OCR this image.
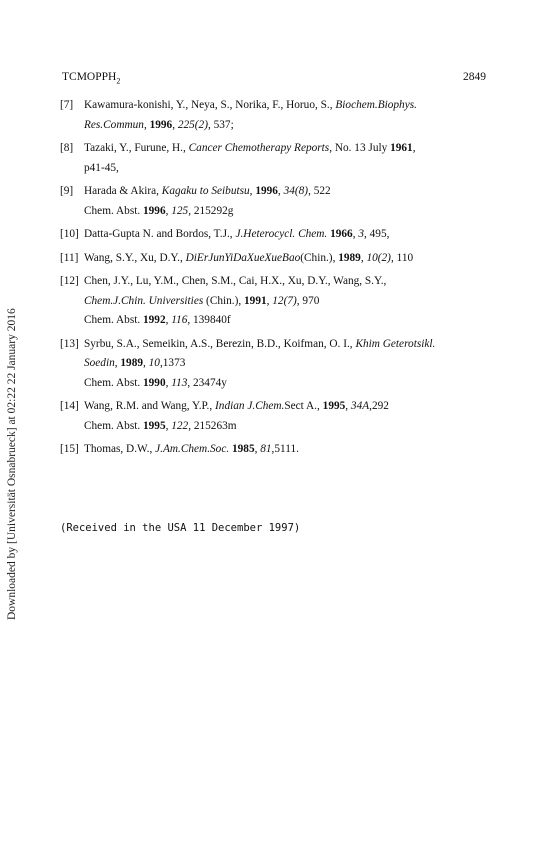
Downloaded by [Universität Osnabrueck] at 02:22 22 January 2016
$TCMOPPH_2$	2849
[7] Kawamura-konishi, Y., Neya, S., Norika, F., Horuo, S., Biochem.Biophys.
Res.Commun, 1996, 225(2), 537;
[8] Tazaki, Y., Furune, H., Cancer Chemotherapy Reports, No. 13 July 1961,
p41-45,
[9] Harada & Akira, Kagaku to Seibutsu, 1996, 34(8), 522
Chem. Abst. 1996, 125, 215292g
[10] Datta-Gupta N. and Bordos, T.J., J.Heterocycl. Chem. 1966, 3, 495,
[11] Wang, S.Y., Xu, D.Y., DiErJunYiDaXueXueBao(Chin.), 1989, 10(2), 110
[12] Chen, J.Y., Lu, Y.M., Chen, S.M., Cai, H.X., Xu, D.Y., Wang, S.Y.,
Chem.J.Chin. Universities (Chin.), 1991, 12(7), 970
Chem. Abst. 1992, 116, 139840f
[13] Syrbu, S.A., Semeikin, A.S., Berezin, B.D., Koifman, O. I., Khim Geterotsikl.
Soedin, 1989, 10,1373
Chem. Abst. 1990, 113, 23474y
[14] Wang, R.M. and Wang, Y.P., Indian J.Chem.Sect A., 1995, 34A,292
Chem. Abst. 1995, 122, 215263m
[15] Thomas, D.W., J.Am.Chem.Soc. 1985, 81,5111.
(Received in the USA 11 December 1997)
